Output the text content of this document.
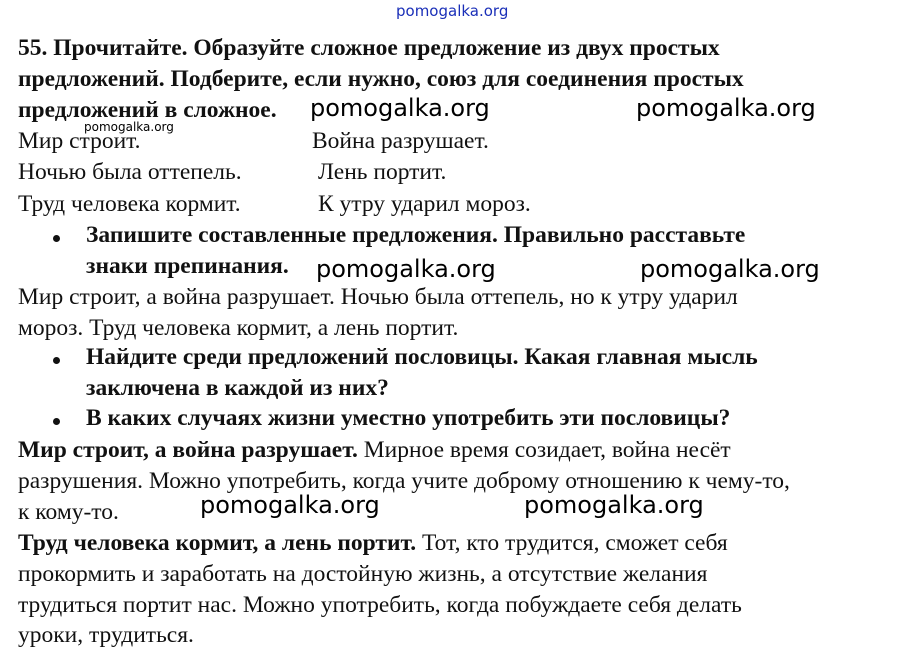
pomogalka.org
55. Прочитайте. Образуйте сложное предложение из двух простых
предложений. Подберите, если нужно, союз для соединения простых
предложений в сложное. pomogalka.org	pomogalka.org
pomogalka.org
Мир строит.	Война разрушает.
Ночью была оттепель.	Лень портит.
Труд человека кормит.	К утру ударил мороз.
Запишите составленные предложения. Правильно расставьте
знаки препинания. pomogalka.org	pomogalka.org
Мир строит, а война разрушает. Ночью была оттепель, но к утру ударил
мороз. Труд человека кормит, а лень портит.
Найдите среди предложений пословицы. Какая главная мысль
заключена в каждой из них?
В каких случаях жизни уместно употребить эти пословицы?
Мир строит, а война разрушает. Мирное время созидает, война несёт
разрушения. Можно употребить, когда учите доброму отношению к чему-то,
к кому-то.	pomogalka.org	pomogalka.org
Труд человека кормит, а лень портит. Тот, кто трудится, сможет себя
прокормить и заработать на достойную жизнь, а отсутствие желания
трудиться портит нас. Можно употребить, когда побуждаете себя делать
уроки, трудиться.
